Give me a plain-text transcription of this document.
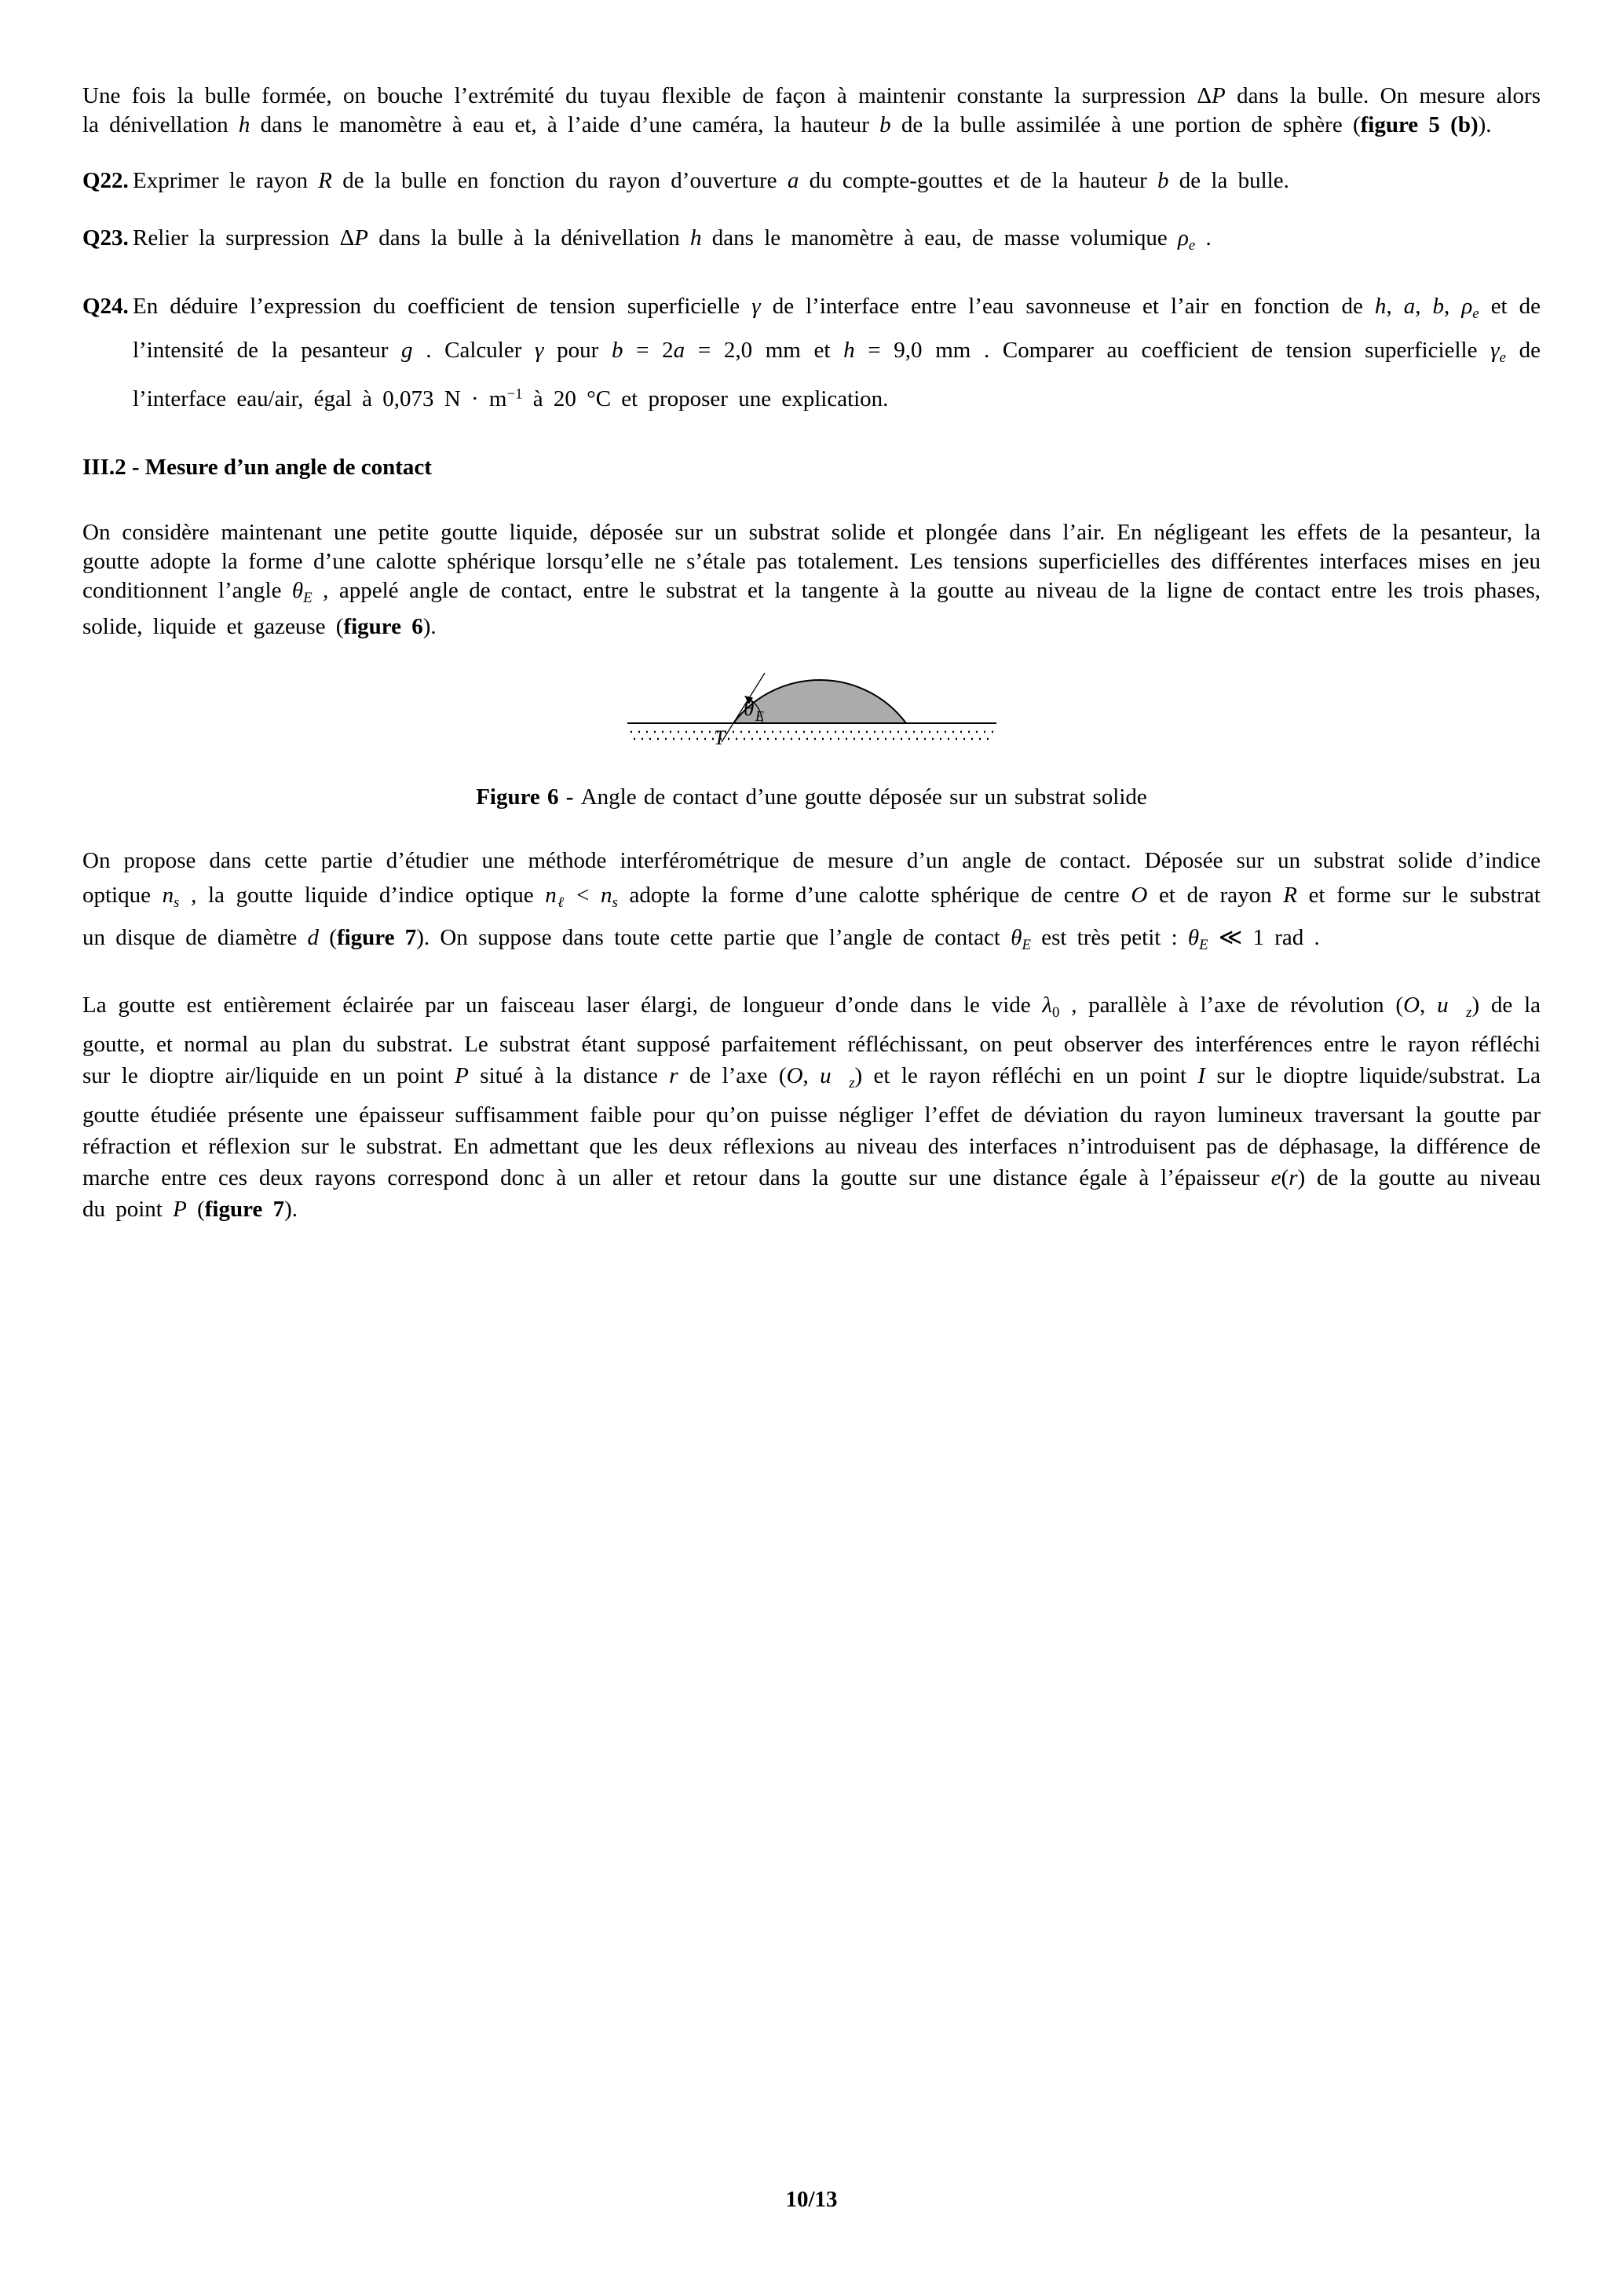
Une fois la bulle formée, on bouche l’extrémité du tuyau flexible de façon à maintenir constante la surpression ΔP dans la bulle. On mesure alors la dénivellation h dans le manomètre à eau et, à l’aide d’une caméra, la hauteur b de la bulle assimilée à une portion de sphère (figure 5 (b)).

Q22. Exprimer le rayon R de la bulle en fonction du rayon d’ouverture a du compte-gouttes et de la hauteur b de la bulle.
Q23. Relier la surpression ΔP dans la bulle à la dénivellation h dans le manomètre à eau, de masse volumique $\rho_e$ .
Q24. En déduire l’expression du coefficient de tension superficielle γ de l’interface entre l’eau savonneuse et l’air en fonction de h, a, b, $\rho_e$ et de l’intensité de la pesanteur g . Calculer γ pour b = 2a = 2,0 mm et h = 9,0 mm . Comparer au coefficient de tension superficielle $\gamma_e$ de l’interface eau/air, égal à 0,073 $N \cdot m^{-1}$ à 20 °C et proposer une explication.
III.2 - Mesure d’un angle de contact

On considère maintenant une petite goutte liquide, déposée sur un substrat solide et plongée dans l’air. En négligeant les effets de la pesanteur, la goutte adopte la forme d’une calotte sphérique lorsqu’elle ne s’étale pas totalement. Les tensions superficielles des différentes interfaces mises en jeu conditionnent l’angle $\theta_E$ , appelé angle de contact, entre le substrat et la tangente à la goutte au niveau de la ligne de contact entre les trois phases, solide, liquide et gazeuse (figure 6).

θ E
T

Figure 6 - Angle de contact d’une goutte déposée sur un substrat solide

On propose dans cette partie d’étudier une méthode interférométrique de mesure d’un angle de contact. Déposée sur un substrat solide d’indice optique $n_s$ , la goutte liquide d’indice optique $n_\ell < n_s$ adopte la forme d’une calotte sphérique de centre O et de rayon R et forme sur le substrat un disque de diamètre d (figure 7). On suppose dans toute cette partie que l’angle de contact $\theta_E$ est très petit : $\theta_E$ ≪ 1 rad .

La goutte est entièrement éclairée par un faisceau laser élargi, de longueur d’onde dans le vide $\lambda_0$ , parallèle à l’axe de révolution (O, $u⃗_z$) de la goutte, et normal au plan du substrat. Le substrat étant supposé parfaitement réfléchissant, on peut observer des interférences entre le rayon réfléchi sur le dioptre air/liquide en un point P situé à la distance r de l’axe (O, $u⃗_z$) et le rayon réfléchi en un point I sur le dioptre liquide/substrat. La goutte étudiée présente une épaisseur suffisamment faible pour qu’on puisse négliger l’effet de déviation du rayon lumineux traversant la goutte par réfraction et réflexion sur le substrat. En admettant que les deux réflexions au niveau des interfaces n’introduisent pas de déphasage, la différence de marche entre ces deux rayons correspond donc à un aller et retour dans la goutte sur une distance égale à l’épaisseur e(r) de la goutte au niveau du point P (figure 7).

10/13
